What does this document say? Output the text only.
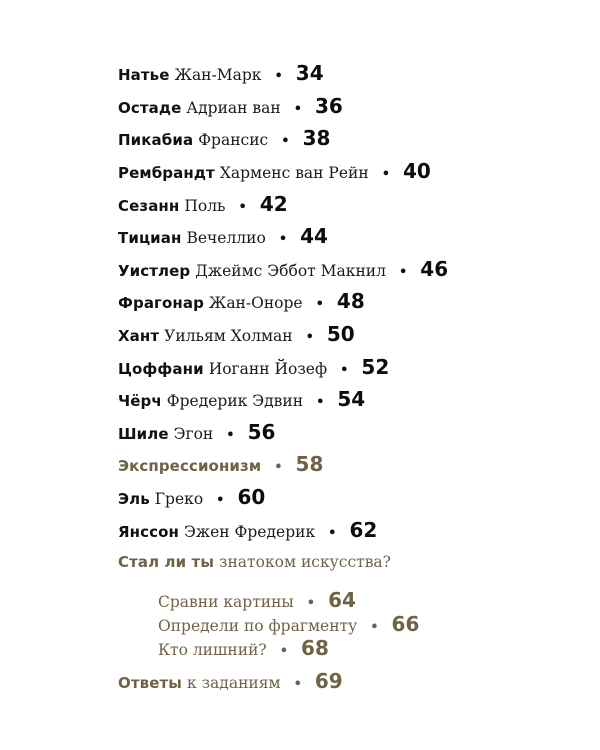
Натье Жан-Марк • 34
Остаде Адриан ван • 36
Пикабиа Франсис • 38
Рембрандт Харменс ван Рейн • 40
Сезанн Поль • 42
Тициан Вечеллио • 44
Уистлер Джеймс Эббот Макнил • 46
Фрагонар Жан-Оноре • 48
Хант Уильям Холман • 50
Цоффани Иоганн Йозеф • 52
Чёрч Фредерик Эдвин • 54
Шиле Эгон • 56
Экспрессионизм • 58
Эль Греко • 60
Янссон Эжен Фредерик • 62
Стал ли ты знатоком искусства?
Сравни картины • 64
Определи по фрагменту • 66
Кто лишний? • 68
Ответы к заданиям • 69
